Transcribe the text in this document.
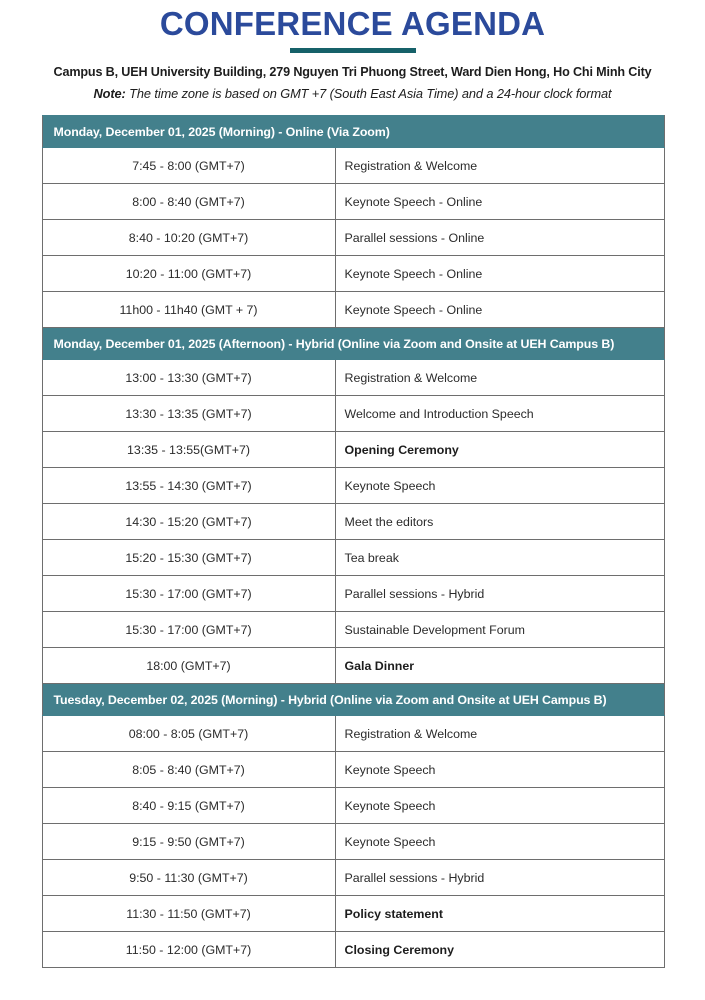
CONFERENCE AGENDA
Campus B, UEH University Building, 279 Nguyen Tri Phuong Street, Ward Dien Hong, Ho Chi Minh City
Note: The time zone is based on GMT +7 (South East Asia Time) and a 24-hour clock format
Monday, December 01, 2025 (Morning) - Online (Via Zoom)	
7:45 - 8:00 (GMT+7)	Registration & Welcome
8:00 - 8:40 (GMT+7)	Keynote Speech - Online
8:40 - 10:20 (GMT+7)	Parallel sessions - Online
10:20 - 11:00 (GMT+7)	Keynote Speech - Online
11h00 - 11h40 (GMT + 7)	Keynote Speech - Online
Monday, December 01, 2025 (Afternoon) - Hybrid (Online via Zoom and Onsite at UEH Campus B)	
13:00 - 13:30 (GMT+7)	Registration & Welcome
13:30 - 13:35 (GMT+7)	Welcome and Introduction Speech
13:35 - 13:55(GMT+7)	Opening Ceremony
13:55 - 14:30 (GMT+7)	Keynote Speech
14:30 - 15:20 (GMT+7)	Meet the editors
15:20 - 15:30 (GMT+7)	Tea break
15:30 - 17:00 (GMT+7)	Parallel sessions - Hybrid
15:30 - 17:00 (GMT+7)	Sustainable Development Forum
18:00 (GMT+7)	Gala Dinner
Tuesday, December 02, 2025 (Morning) - Hybrid (Online via Zoom and Onsite at UEH Campus B)	
08:00 - 8:05 (GMT+7)	Registration & Welcome
8:05 - 8:40 (GMT+7)	Keynote Speech
8:40 - 9:15 (GMT+7)	Keynote Speech
9:15 - 9:50 (GMT+7)	Keynote Speech
9:50 - 11:30 (GMT+7)	Parallel sessions - Hybrid
11:30 - 11:50 (GMT+7)	Policy statement
11:50 - 12:00 (GMT+7)	Closing Ceremony
